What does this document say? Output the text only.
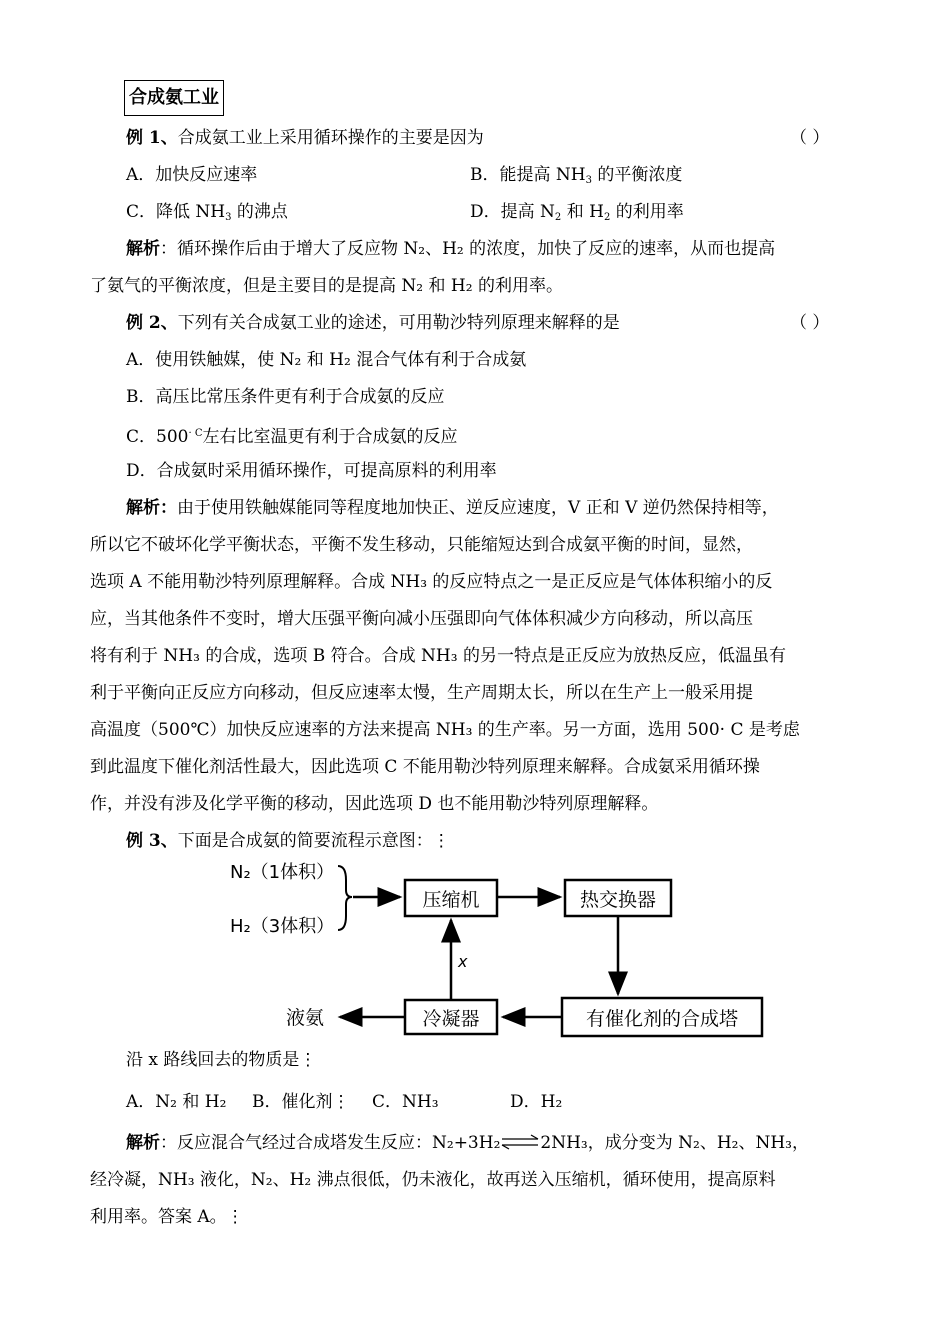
合成氨工业
例 1、合成氨工业上采用循环操作的主要是因为	（ ）
A．加快反应速率	B．能提高 $NH_3$ 的平衡浓度
C．降低 $NH_3$ 的沸点	D．提高 $N_2$ 和 $H_2$ 的利用率
解析：循环操作后由于增大了反应物 N₂、H₂ 的浓度，加快了反应的速率，从而也提高
了氨气的平衡浓度，但是主要目的是提高 N₂ 和 H₂ 的利用率。
例 2、下列有关合成氨工业的途述，可用勒沙特列原理来解释的是	（ ）
A．使用铁触媒，使 N₂ 和 H₂ 混合气体有利于合成氨
B．高压比常压条件更有利于合成氨的反应
C．$500^{\cdot C}$左右比室温更有利于合成氨的反应
D．合成氨时采用循环操作，可提高原料的利用率
解析：由于使用铁触媒能同等程度地加快正、逆反应速度，V 正和 V 逆仍然保持相等，
所以它不破坏化学平衡状态，平衡不发生移动，只能缩短达到合成氨平衡的时间，显然，
选项 A 不能用勒沙特列原理解释。合成 NH₃ 的反应特点之一是正反应是气体体积缩小的反
应，当其他条件不变时，增大压强平衡向减小压强即向气体体积减少方向移动，所以高压
将有利于 NH₃ 的合成，选项 B 符合。合成 NH₃ 的另一特点是正反应为放热反应，低温虽有
利于平衡向正反应方向移动，但反应速率太慢，生产周期太长，所以在生产上一般采用提
高温度（500℃）加快反应速率的方法来提高 NH₃ 的生产率。另一方面，选用 500· C 是考虑
到此温度下催化剂活性最大，因此选项 C 不能用勒沙特列原理来解释。合成氨采用循环操
作，并没有涉及化学平衡的移动，因此选项 D 也不能用勒沙特列原理解释。
例 3、下面是合成氨的简要流程示意图：⋮
N₂（1体积）
H₂（3体积）
压缩机	热交换器
有催化剂的合成塔
冷凝器
x
液氨
沿 x 路线回去的物质是⋮
A．N₂ 和 H₂ B．催化剂⋮ C．NH₃	D．H₂
解析：反应混合气经过合成塔发生反应：N₂+3H₂⇌2NH₃，成分变为 N₂、H₂、NH₃，
经冷凝，NH₃ 液化，N₂、H₂ 沸点很低，仍未液化，故再送入压缩机，循环使用，提高原料
利用率。答案 A。⋮
